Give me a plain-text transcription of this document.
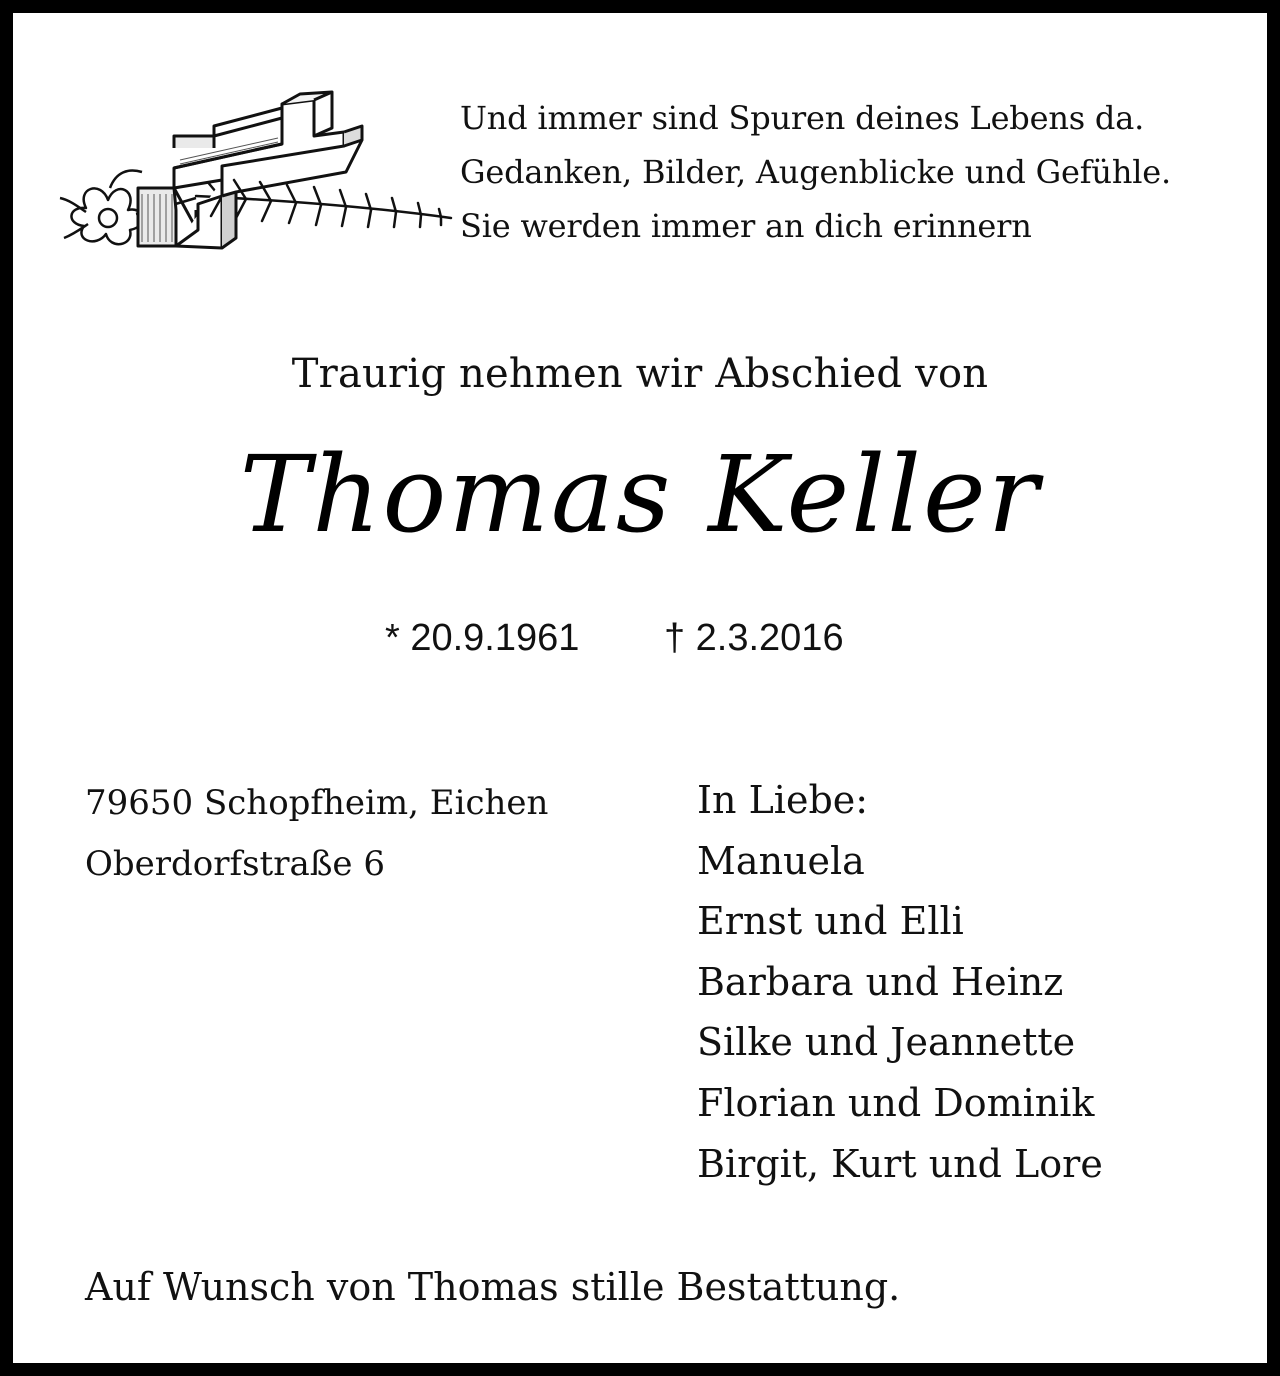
Und immer sind Spuren deines Lebens da.
Gedanken, Bilder, Augenblicke und Gefühle.
Sie werden immer an dich erinnern
Traurig nehmen wir Abschied von
Thomas Keller
* 20.9.1961 † 2.3.2016
79650 Schopfheim, Eichen
Oberdorfstraße 6
In Liebe:
Manuela
Ernst und Elli
Barbara und Heinz
Silke und Jeannette
Florian und Dominik
Birgit, Kurt und Lore
Auf Wunsch von Thomas stille Bestattung.
